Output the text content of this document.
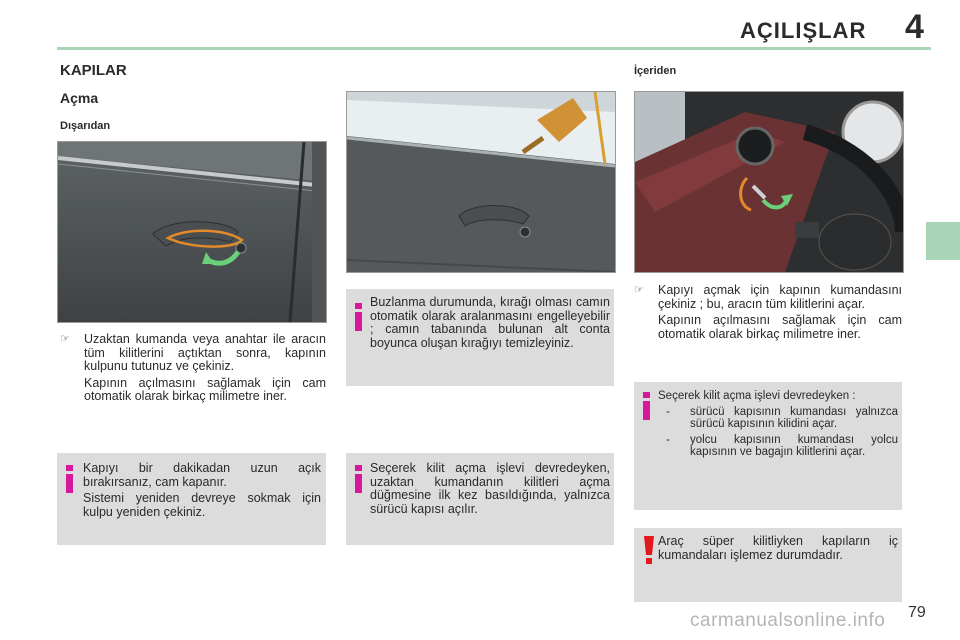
AÇILIŞLAR 4
KAPILAR
Açma
Dışarıdan
İçeriden
☞ Uzaktan kumanda veya anahtar ile aracın tüm kilitlerini açtıktan sonra, kapının kulpunu tutunuz ve çekiniz.

Kapının açılmasını sağlamak için cam otomatik olarak birkaç milimetre iner.

Kapıyı bir dakikadan uzun açık bırakırsanız, cam kapanır.

Sistemi yeniden devreye sokmak için kulpu yeniden çekiniz.

Buzlanma durumunda, kırağı olması camın otomatik olarak aralanmasını engelleyebilir ; camın tabanında bulunan alt conta boyunca oluşan kırağıyı temizleyiniz.

Seçerek kilit açma işlevi devredeyken, uzaktan kumandanın kilitleri açma düğmesine ilk kez basıldığında, yalnızca sürücü kapısı açılır.

☞ Kapıyı açmak için kapının kumandasını çekiniz ; bu, aracın tüm kilitlerini açar.

Kapının açılmasını sağlamak için cam otomatik olarak birkaç milimetre iner.

Seçerek kilit açma işlevi devredeyken :

- sürücü kapısının kumandası yalnızca sürücü kapısının kilidini açar.
- yolcu kapısının kumandası yolcu kapısının ve bagajın kilitlerini açar.

Araç süper kilitliyken kapıların iç kumandaları işlemez durumdadır.

carmanualsonline.info 79
